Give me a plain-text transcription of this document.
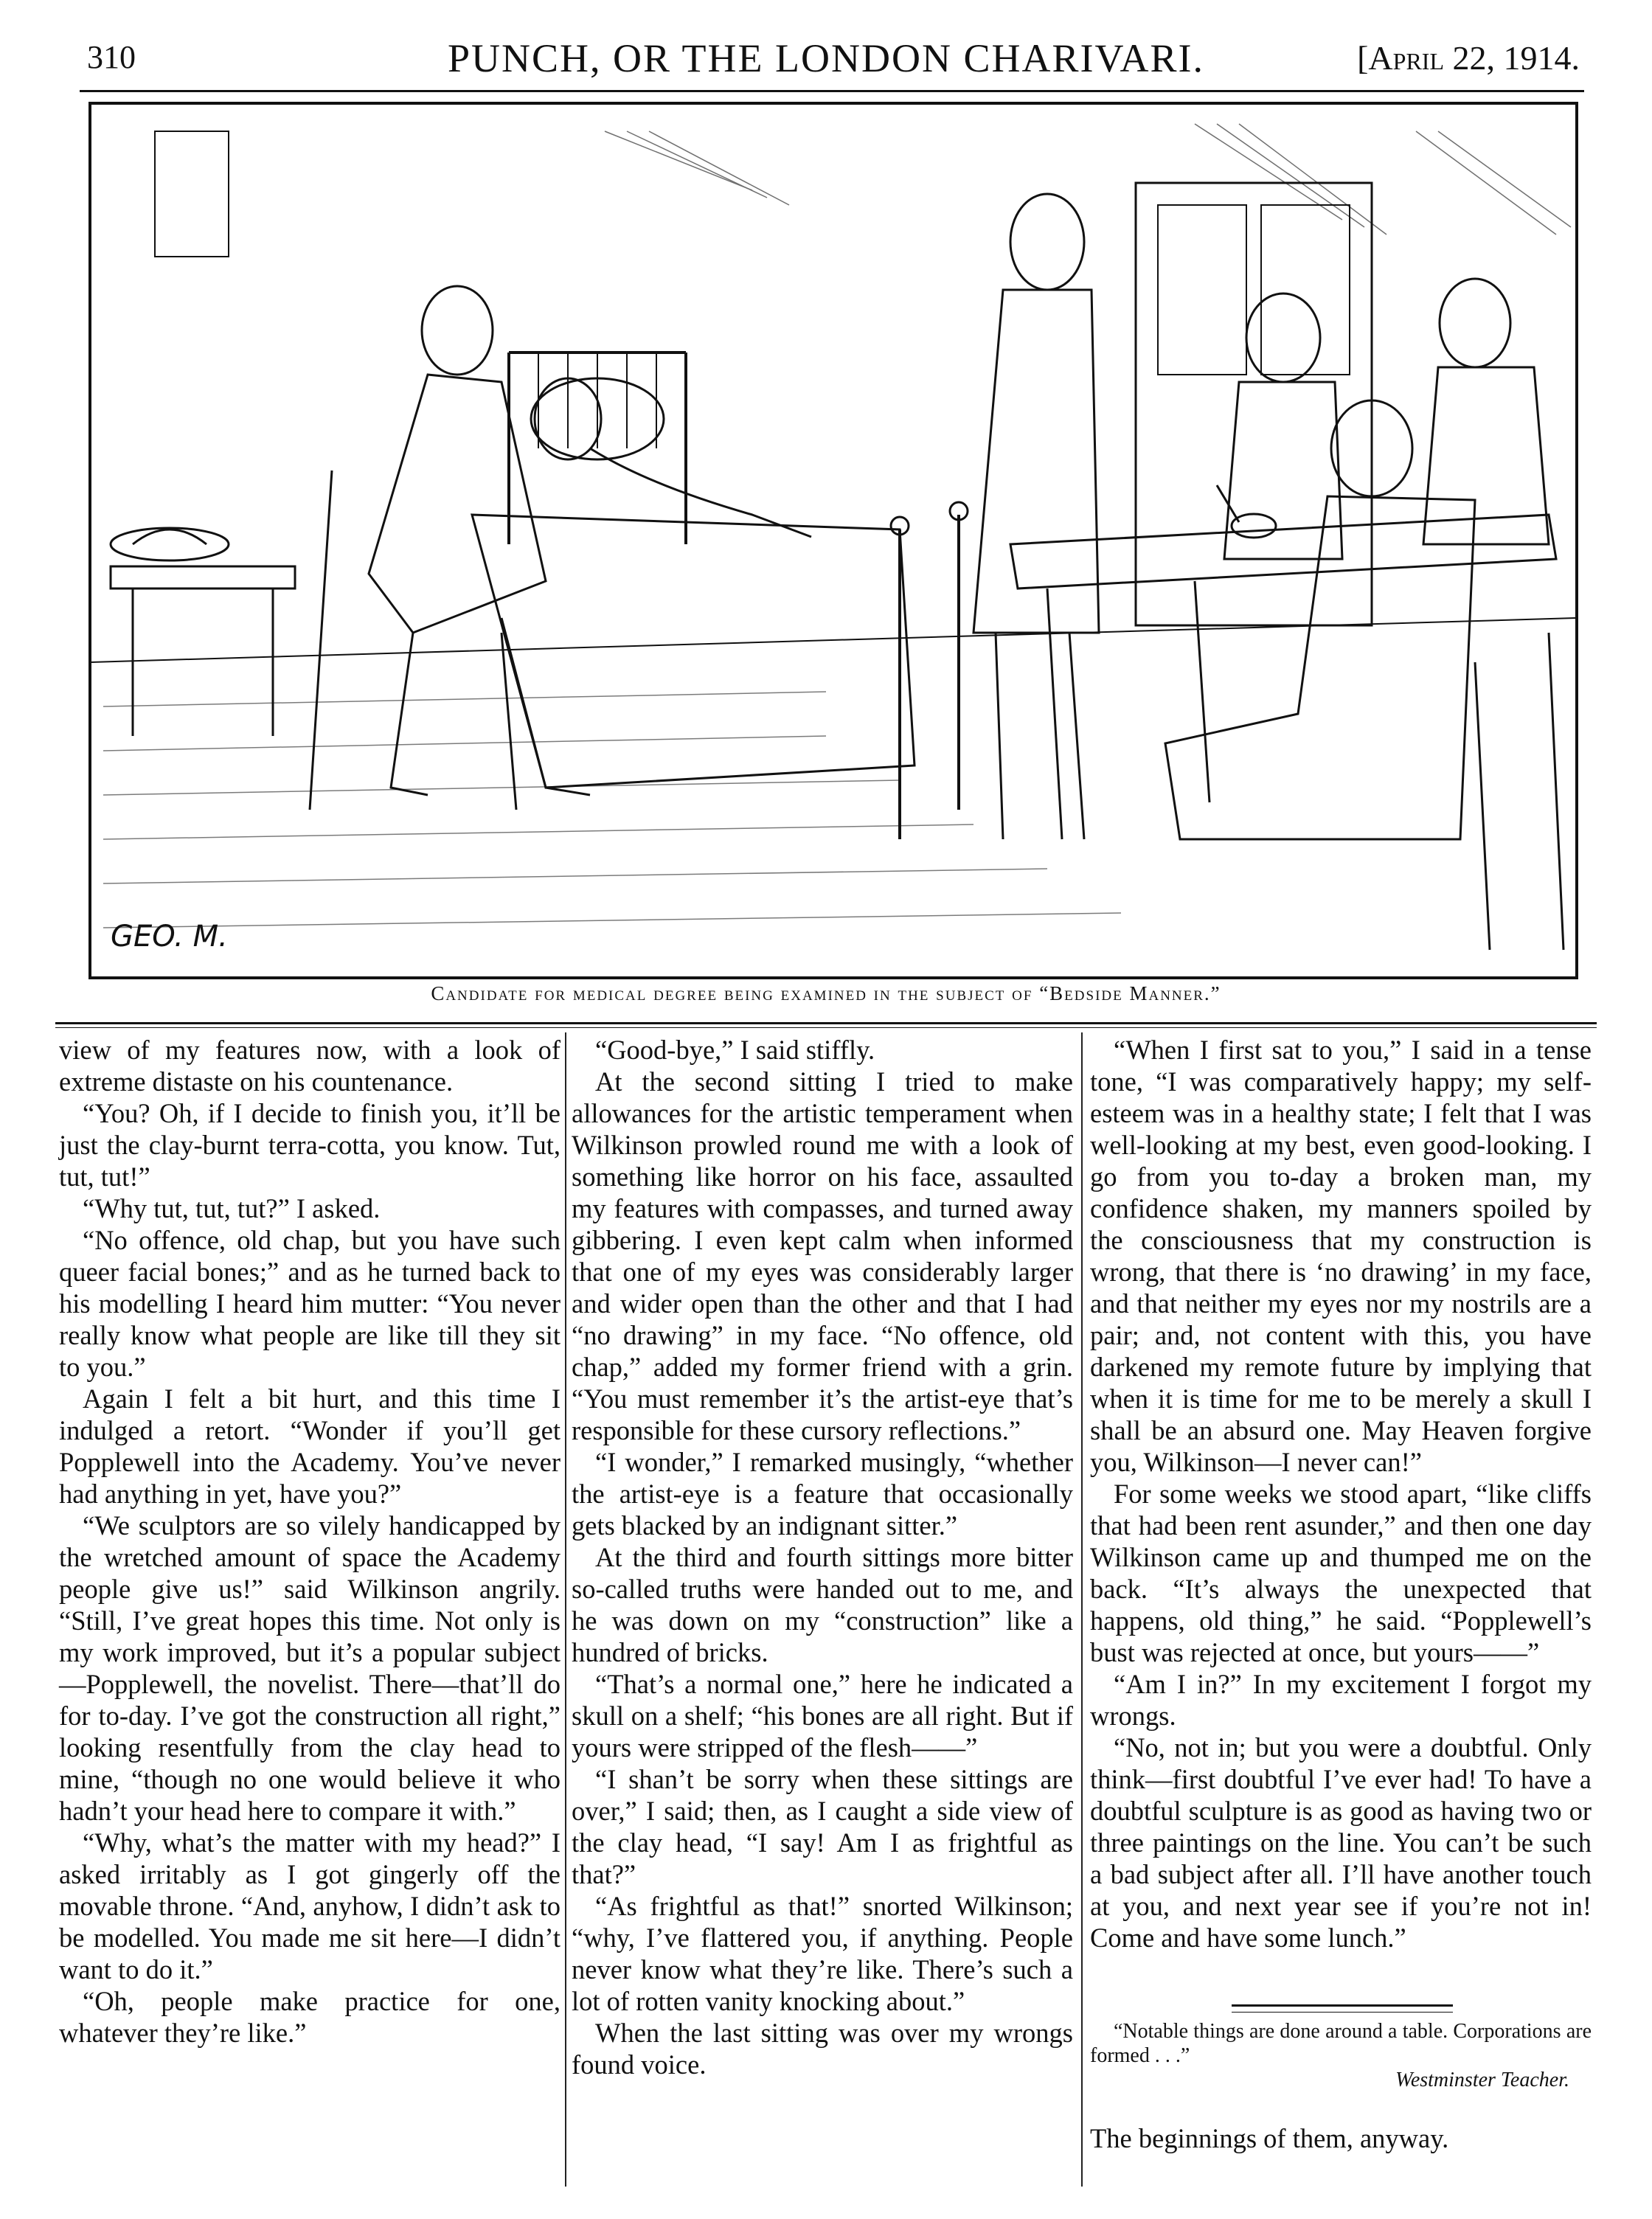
310	PUNCH, OR THE LONDON CHARIVARI.	[April 22, 1914.
GEO. M.
Candidate for medical degree being examined in the subject of “Bedside Manner.”

view of my features now, with a look of extreme distaste on his countenance.

“You? Oh, if I decide to finish you, it’ll be just the clay-burnt terra-cotta, you know. Tut, tut, tut!”

“Why tut, tut, tut?” I asked.

“No offence, old chap, but you have such queer facial bones;” and as he turned back to his modelling I heard him mutter: “You never really know what people are like till they sit to you.”

Again I felt a bit hurt, and this time I indulged a retort. “Wonder if you’ll get Popplewell into the Academy. You’ve never had anything in yet, have you?”

“We sculptors are so vilely handicapped by the wretched amount of space the Academy people give us!” said Wilkinson angrily. “Still, I’ve great hopes this time. Not only is my work improved, but it’s a popular subject—Popplewell, the novelist. There—that’ll do for to-day. I’ve got the construction all right,” looking resentfully from the clay head to mine, “though no one would believe it who hadn’t your head here to compare it with.”

“Why, what’s the matter with my head?” I asked irritably as I got gingerly off the movable throne. “And, anyhow, I didn’t ask to be modelled. You made me sit here—I didn’t want to do it.”

“Oh, people make practice for one, whatever they’re like.”

“Good-bye,” I said stiffly.

At the second sitting I tried to make allowances for the artistic temperament when Wilkinson prowled round me with a look of something like horror on his face, assaulted my features with compasses, and turned away gibbering. I even kept calm when informed that one of my eyes was considerably larger and wider open than the other and that I had “no drawing” in my face. “No offence, old chap,” added my former friend with a grin. “You must remember it’s the artist-eye that’s responsible for these cursory reflections.”

“I wonder,” I remarked musingly, “whether the artist-eye is a feature that occasionally gets blacked by an indignant sitter.”

At the third and fourth sittings more bitter so-called truths were handed out to me, and he was down on my “construction” like a hundred of bricks.

“That’s a normal one,” here he indicated a skull on a shelf; “his bones are all right. But if yours were stripped of the flesh——”

“I shan’t be sorry when these sittings are over,” I said; then, as I caught a side view of the clay head, “I say! Am I as frightful as that?”

“As frightful as that!” snorted Wilkinson; “why, I’ve flattered you, if anything. People never know what they’re like. There’s such a lot of rotten vanity knocking about.”

When the last sitting was over my wrongs found voice.

“When I first sat to you,” I said in a tense tone, “I was comparatively happy; my self-esteem was in a healthy state; I felt that I was well-looking at my best, even good-looking. I go from you to-day a broken man, my confidence shaken, my manners spoiled by the consciousness that my construction is wrong, that there is ‘no drawing’ in my face, and that neither my eyes nor my nostrils are a pair; and, not content with this, you have darkened my remote future by implying that when it is time for me to be merely a skull I shall be an absurd one. May Heaven forgive you, Wilkinson—I never can!”

For some weeks we stood apart, “like cliffs that had been rent asunder,” and then one day Wilkinson came up and thumped me on the back. “It’s always the unexpected that happens, old thing,” he said. “Popplewell’s bust was rejected at once, but yours——”

“Am I in?” In my excitement I forgot my wrongs.

“No, not in; but you were a doubtful. Only think—first doubtful I’ve ever had! To have a doubtful sculpture is as good as having two or three paintings on the line. You can’t be such a bad subject after all. I’ll have another touch at you, and next year see if you’re not in! Come and have some lunch.”

“Notable things are done around a table. Corporations are formed . . .”
Westminster Teacher.
The beginnings of them, anyway.
